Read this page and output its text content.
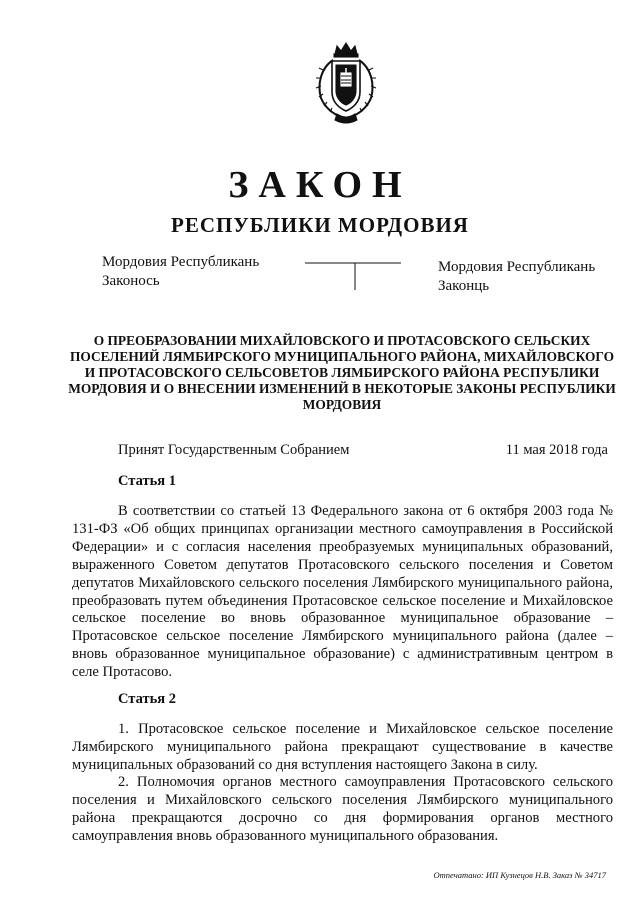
ЗАКОН
РЕСПУБЛИКИ МОРДОВИЯ
Мордовия Республикань
Законось
Мордовия Республикань
Законць
О ПРЕОБРАЗОВАНИИ МИХАЙЛОВСКОГО И ПРОТАСОВСКОГО СЕЛЬСКИХ ПОСЕЛЕНИЙ ЛЯМБИРСКОГО МУНИЦИПАЛЬНОГО РАЙОНА, МИХАЙЛОВСКОГО И ПРОТАСОВСКОГО СЕЛЬСОВЕТОВ ЛЯМБИРСКОГО РАЙОНА РЕСПУБЛИКИ МОРДОВИЯ И О ВНЕСЕНИИ ИЗМЕНЕНИЙ В НЕКОТОРЫЕ ЗАКОНЫ РЕСПУБЛИКИ МОРДОВИЯ
Принят Государственным Собранием	11 мая 2018 года
Статья 1

В соответствии со статьей 13 Федерального закона от 6 октября 2003 года № 131-ФЗ «Об общих принципах организации местного самоуправления в Российской Федерации» и с согласия населения преобразуемых муниципальных образований, выраженного Советом депутатов Протасовского сельского поселения и Советом депутатов Михайловского сельского поселения Лямбирского муниципального района, преобразовать путем объединения Протасовское сельское поселение и Михайловское сельское поселение во вновь образованное муниципальное образование – Протасовское сельское поселение Лямбирского муниципального района (далее – вновь образованное муниципальное образование) с административным центром в селе Протасово.

Статья 2

1. Протасовское сельское поселение и Михайловское сельское поселение Лямбирского муниципального района прекращают существование в качестве муниципальных образований со дня вступления настоящего Закона в силу.

2. Полномочия органов местного самоуправления Протасовского сельского поселения и Михайловского сельского поселения Лямбирского муниципального района прекращаются досрочно со дня формирования органов местного самоуправления вновь образованного муниципального образования.

Отпечатано: ИП Кузнецов Н.В. Заказ № 34717
